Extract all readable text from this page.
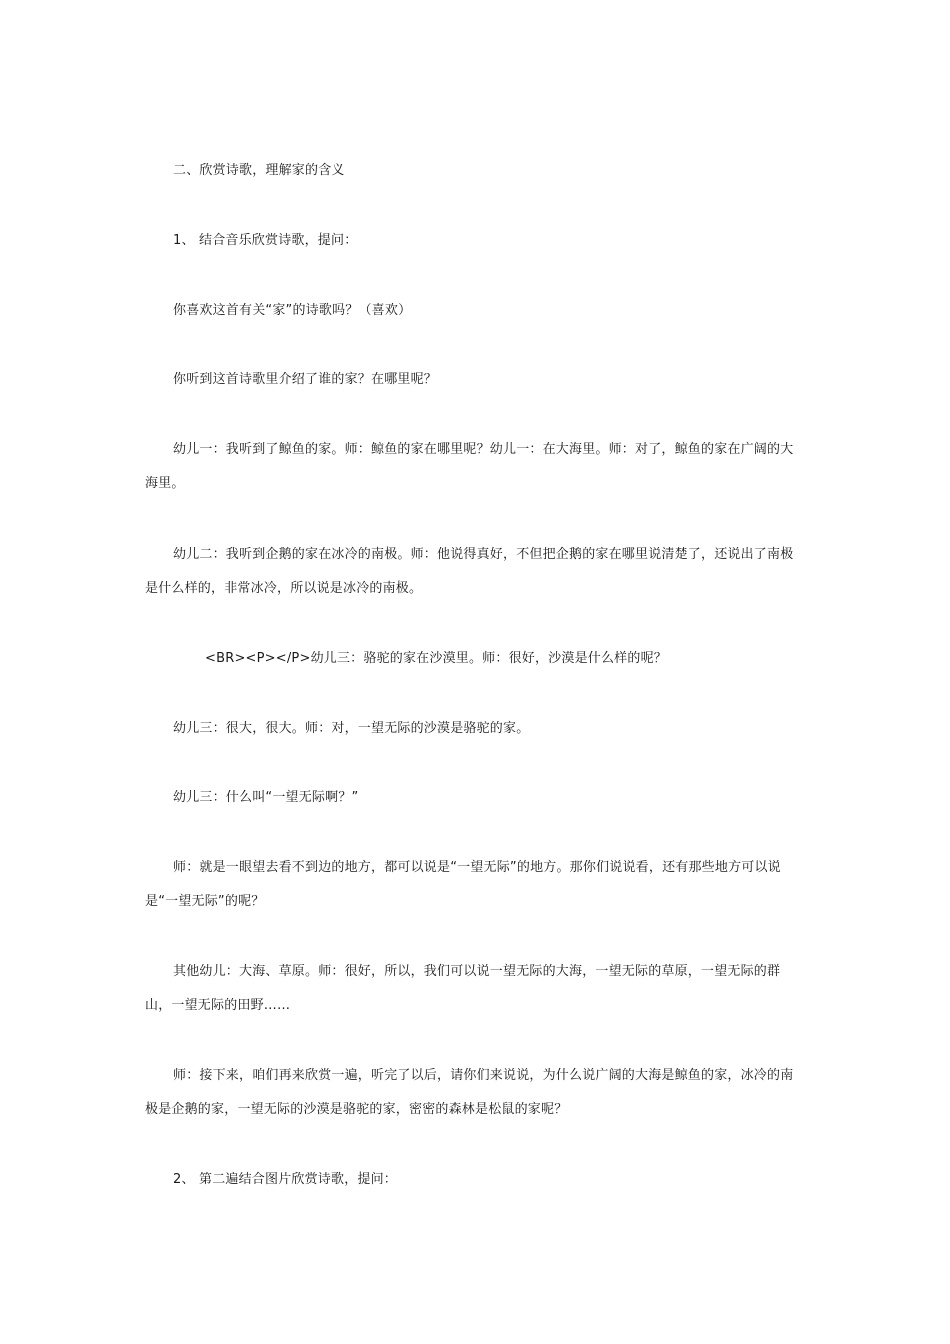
二、欣赏诗歌，理解家的含义

1、 结合音乐欣赏诗歌，提问：

你喜欢这首有关“家”的诗歌吗？（喜欢）

你听到这首诗歌里介绍了谁的家？在哪里呢？

幼儿一：我听到了鲸鱼的家。师：鲸鱼的家在哪里呢？幼儿一：在大海里。师：对了，鲸鱼的家在广阔的大海里。

幼儿二：我听到企鹅的家在冰冷的南极。师：他说得真好，不但把企鹅的家在哪里说清楚了，还说出了南极是什么样的，非常冰冷，所以说是冰冷的南极。

<BR><P></P>幼儿三：骆驼的家在沙漠里。师：很好，沙漠是什么样的呢？

幼儿三：很大，很大。师：对，一望无际的沙漠是骆驼的家。

幼儿三：什么叫“一望无际啊？”

师：就是一眼望去看不到边的地方，都可以说是“一望无际”的地方。那你们说说看，还有那些地方可以说是“一望无际”的呢？

其他幼儿：大海、草原。师：很好，所以，我们可以说一望无际的大海，一望无际的草原，一望无际的群山，一望无际的田野……

师：接下来，咱们再来欣赏一遍，听完了以后，请你们来说说，为什么说广阔的大海是鲸鱼的家，冰冷的南极是企鹅的家，一望无际的沙漠是骆驼的家，密密的森林是松鼠的家呢？

2、 第二遍结合图片欣赏诗歌，提问：
